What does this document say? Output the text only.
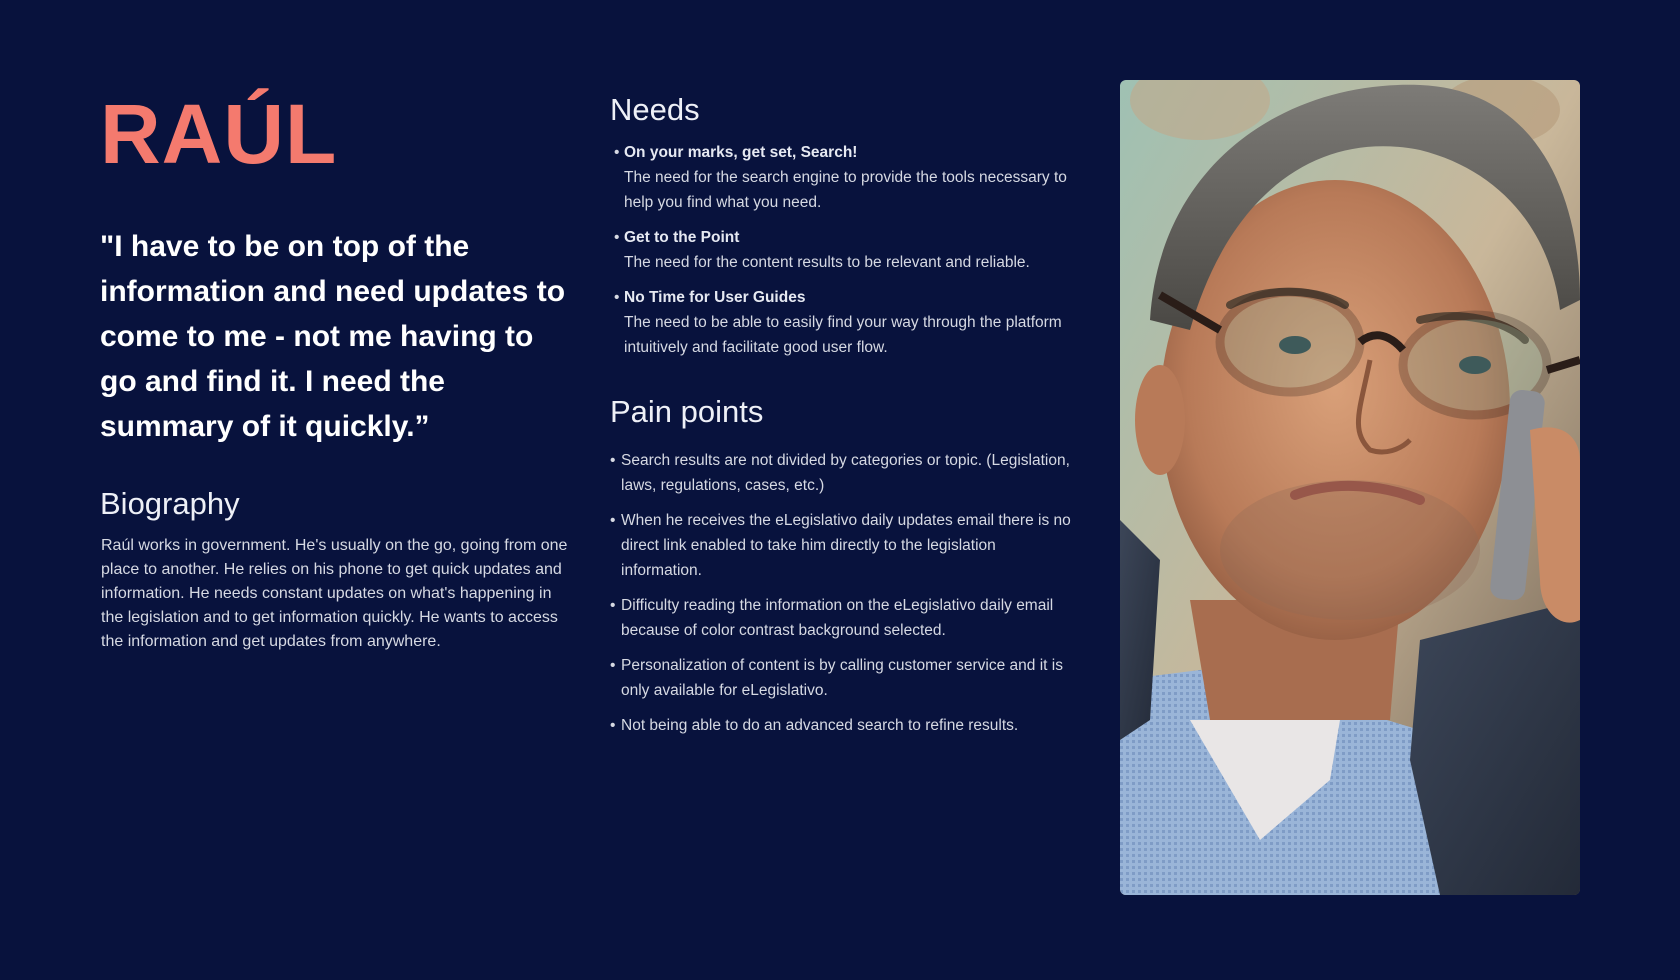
RAÚL

"I have to be on top of the information and need updates to come to me - not me having to go and find it. I need the summary of it quickly.”

Biography

Raúl works in government. He's usually on the go, going from one place to another. He relies on his phone to get quick updates and information. He needs constant updates on what's happening in the legislation and to get information quickly. He wants to access the information and get updates from anywhere.

Needs
• On your marks, get set, Search!
The need for the search engine to provide the tools necessary to help you find what you need.
• Get to the Point
The need for the content results to be relevant and reliable.
• No Time for User Guides
The need to be able to easily find your way through the platform intuitively and facilitate good user flow.
Pain points
• Search results are not divided by categories or topic. (Legislation, laws, regulations, cases, etc.)
• When he receives the eLegislativo daily updates email there is no direct link enabled to take him directly to the legislation information.
• Difficulty reading the information on the eLegislativo daily email because of color contrast background selected.
• Personalization of content is by calling customer service and it is only available for eLegislativo.
• Not being able to do an advanced search to refine results.
